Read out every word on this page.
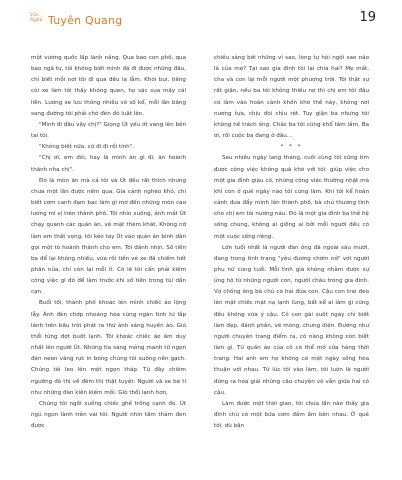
Văn
Nghệ Tuyên Quang	19

một vương quốc lấp lánh nắng. Qua bao con phố, qua bao ngã tư, tôi không biết mình đã đi được những đâu, chỉ biết mỗi nơi tôi đi qua đều lạ lẫm. Khói bụi, tiếng còi xe làm tôi thấy không quen, họ sặc sụa mấy cái liền. Lương xe lưu thông nhiều vô số kể, mỗi lần băng sang đường tôi phải chờ đèn đỏ luật lên.

"Mình đi đâu vậy chị?" Giọng Út yếu ớt vang lên bên tai tôi.

"Không biết nữa, cứ đi đi rồi tính".

"Chị ơi, em đói, hay là mình ăn gì đi, ăn hoành thánh nha chị".

Đó là món ăn mà cả tôi và Út đều rất thích nhưng chưa một lần được nếm qua. Gia cảnh nghèo khó, chỉ biết cơm canh đạm bạc làm gì mơ đến những món cao lương mĩ vị trên thành phố. Tôi nhìn xuống, ánh mắt Út chạy quanh các quán ăn, vẻ mặt thèm khát. Không nỡ làm em thất vọng, tôi kéo tay Út vào quán ăn bình dân gọi một tô hoành thánh cho em. Tôi đánh nhịn. Số tiền ba để lại không nhiều, vừa rồi tiền vé xe đã chiếm hết phân nửa, chỉ còn lại mỗi ít. Có lẽ tôi cần phải kiếm công việc gì đó để làm trước khi số tiền trong túi dần cạn.

Buổi tối, thành phố khoác lên mình chiếc áo lộng lẫy. Ánh đèn chớp nhoáng hòa cùng ngàn tinh tú lấp lánh trên bầu trời phát ra thứ ánh sáng huyền ảo. Gió thổi từng đợt buốt lạnh. Tôi khoác chiếc áo ấm duy nhất lên người Út. Những tia sáng mỏng manh từ ngọn đèn neon vàng rực in bóng chúng tôi xuống nền gạch. Chúng tôi leo lên một ngọn tháp. Từ đây chiêm ngưỡng đô thị về đêm thì thật tuyệt. Người và xe bé tí như những đàn kiến kiếm mồi. Gió thổi lạnh hơn,

Chúng tôi ngồi xuống chiếc ghế trống cạnh đó. Út ngủ ngon lành trên vai tôi. Người nhìn tấm thảm đen được

chiếu sáng bởi những vì sao, lòng tự hỏi ngôi sao nào là của mẹ? Tại sao gia đình tôi lại chia hai? Mẹ mất, cha và con lại mỗi người một phương trời. Tôi thật sự rất giận, nếu ba tôi không thiếu nợ thì chị em tôi đâu có lâm vào hoàn cảnh khốn khó thế này, không nơi nương tựa, chịu đói chịu rét. Tuy giận ba nhưng tôi không hề trách ông. Chắc ba tôi cũng khổ tâm lắm. Ba ơi, rồi cuộc ba đang ở đâu...

* * *

Sau nhiều ngày lang thang, cuối cùng tôi cũng tìm được công việc không quá khó với tôi: giúp việc cho một gia đình giàu có, những công việc thường nhật mà khi còn ở quê ngày nào tôi cũng làm. Khi tôi kể hoàn cảnh đưa đẩy mình lên thành phố, bà chủ thương tình cho chị em tôi nương náu. Đó là một gia đình ba thế hệ sống chung, không ai giống ai bởi mỗi người đều có một cuộc sống riêng.

Lớn tuổi nhất là người đàn ông đã ngoài sáu mươi, đang trong tình trạng "yêu đương chớm nở" với người phụ nữ cùng tuổi. Mỗi tình già không nhằm được sự ủng hộ từ những người con, người cháu trong gia đình. Vợ chồng ông bà chủ có hai đứa con. Cậu con trai đeo lên mặt chiếc mặt nạ lạnh lùng, bất kể ai làm gì cũng đều không vừa ý cậu. Cô con gái suốt ngày chỉ biết làm đẹp, đánh phấn, vẽ móng, chưng diện. Đường như người chuyên trang điểm ra, cô nàng không còn biết làm gì. Từ quần áo của cô có thể mở cửa hàng thời trang. Hai anh em họ không có một ngày sống hòa thuận với nhau. Từ lúc tôi vào làm, tôi luôn là người đứng ra hòa giải những câu chuyện vô vẫn giữa hai cô cậu.

Làm được một thời gian, tôi chưa lần nào thấy gia đình chủ có một bữa cơm đầm ấm bên nhau. Ở quê tôi, dù bận
